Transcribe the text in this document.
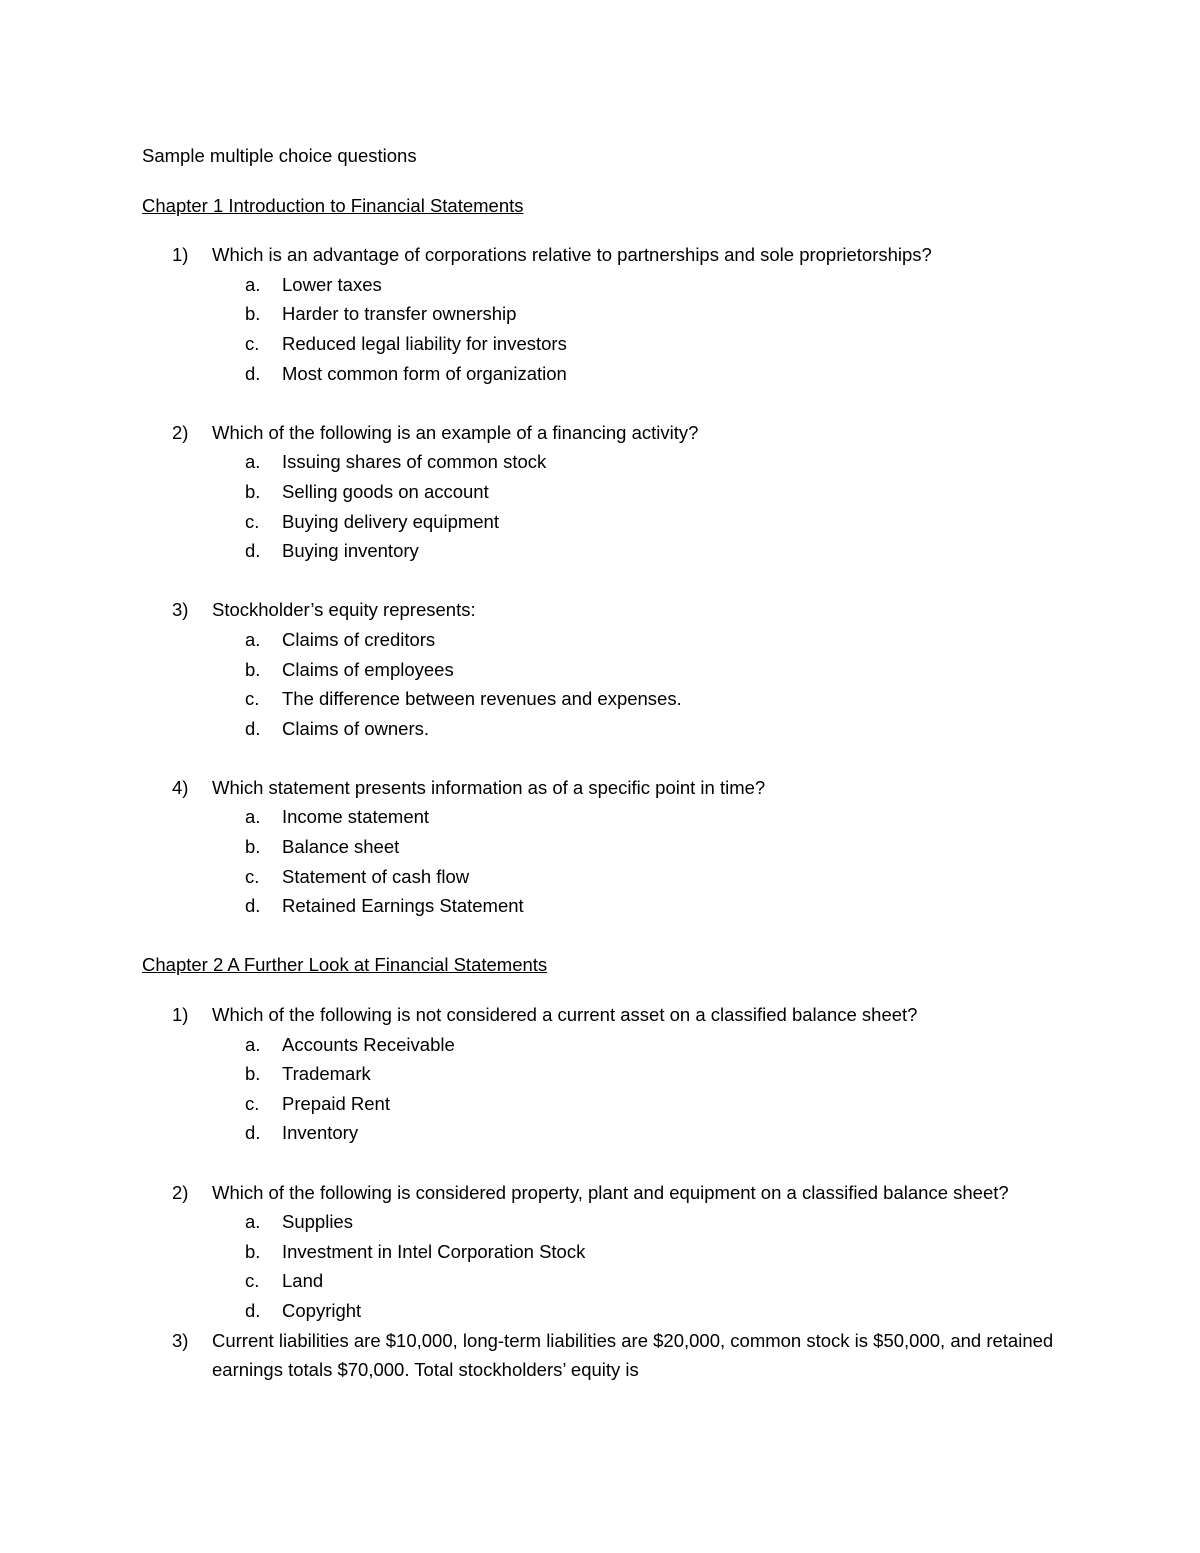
Sample multiple choice questions
Chapter 1 Introduction to Financial Statements
1)	Which is an advantage of corporations relative to partnerships and sole proprietorships?
a.	Lower taxes
b.	Harder to transfer ownership
c.	Reduced legal liability for investors
d.	Most common form of organization
2)	Which of the following is an example of a financing activity?
a.	Issuing shares of common stock
b.	Selling goods on account
c.	Buying delivery equipment
d.	Buying inventory
3)	Stockholder’s equity represents:
a.	Claims of creditors
b.	Claims of employees
c.	The difference between revenues and expenses.
d.	Claims of owners.
4)	Which statement presents information as of a specific point in time?
a.	Income statement
b.	Balance sheet
c.	Statement of cash flow
d.	Retained Earnings Statement
Chapter 2 A Further Look at Financial Statements
1)	Which of the following is not considered a current asset on a classified balance sheet?
a.	Accounts Receivable
b.	Trademark
c.	Prepaid Rent
d.	Inventory
2)	Which of the following is considered property, plant and equipment on a classified balance sheet?
a.	Supplies
b.	Investment in Intel Corporation Stock
c.	Land
d.	Copyright
3)	Current liabilities are $10,000, long-term liabilities are $20,000, common stock is $50,000, and retained earnings totals $70,000. Total stockholders’ equity is
